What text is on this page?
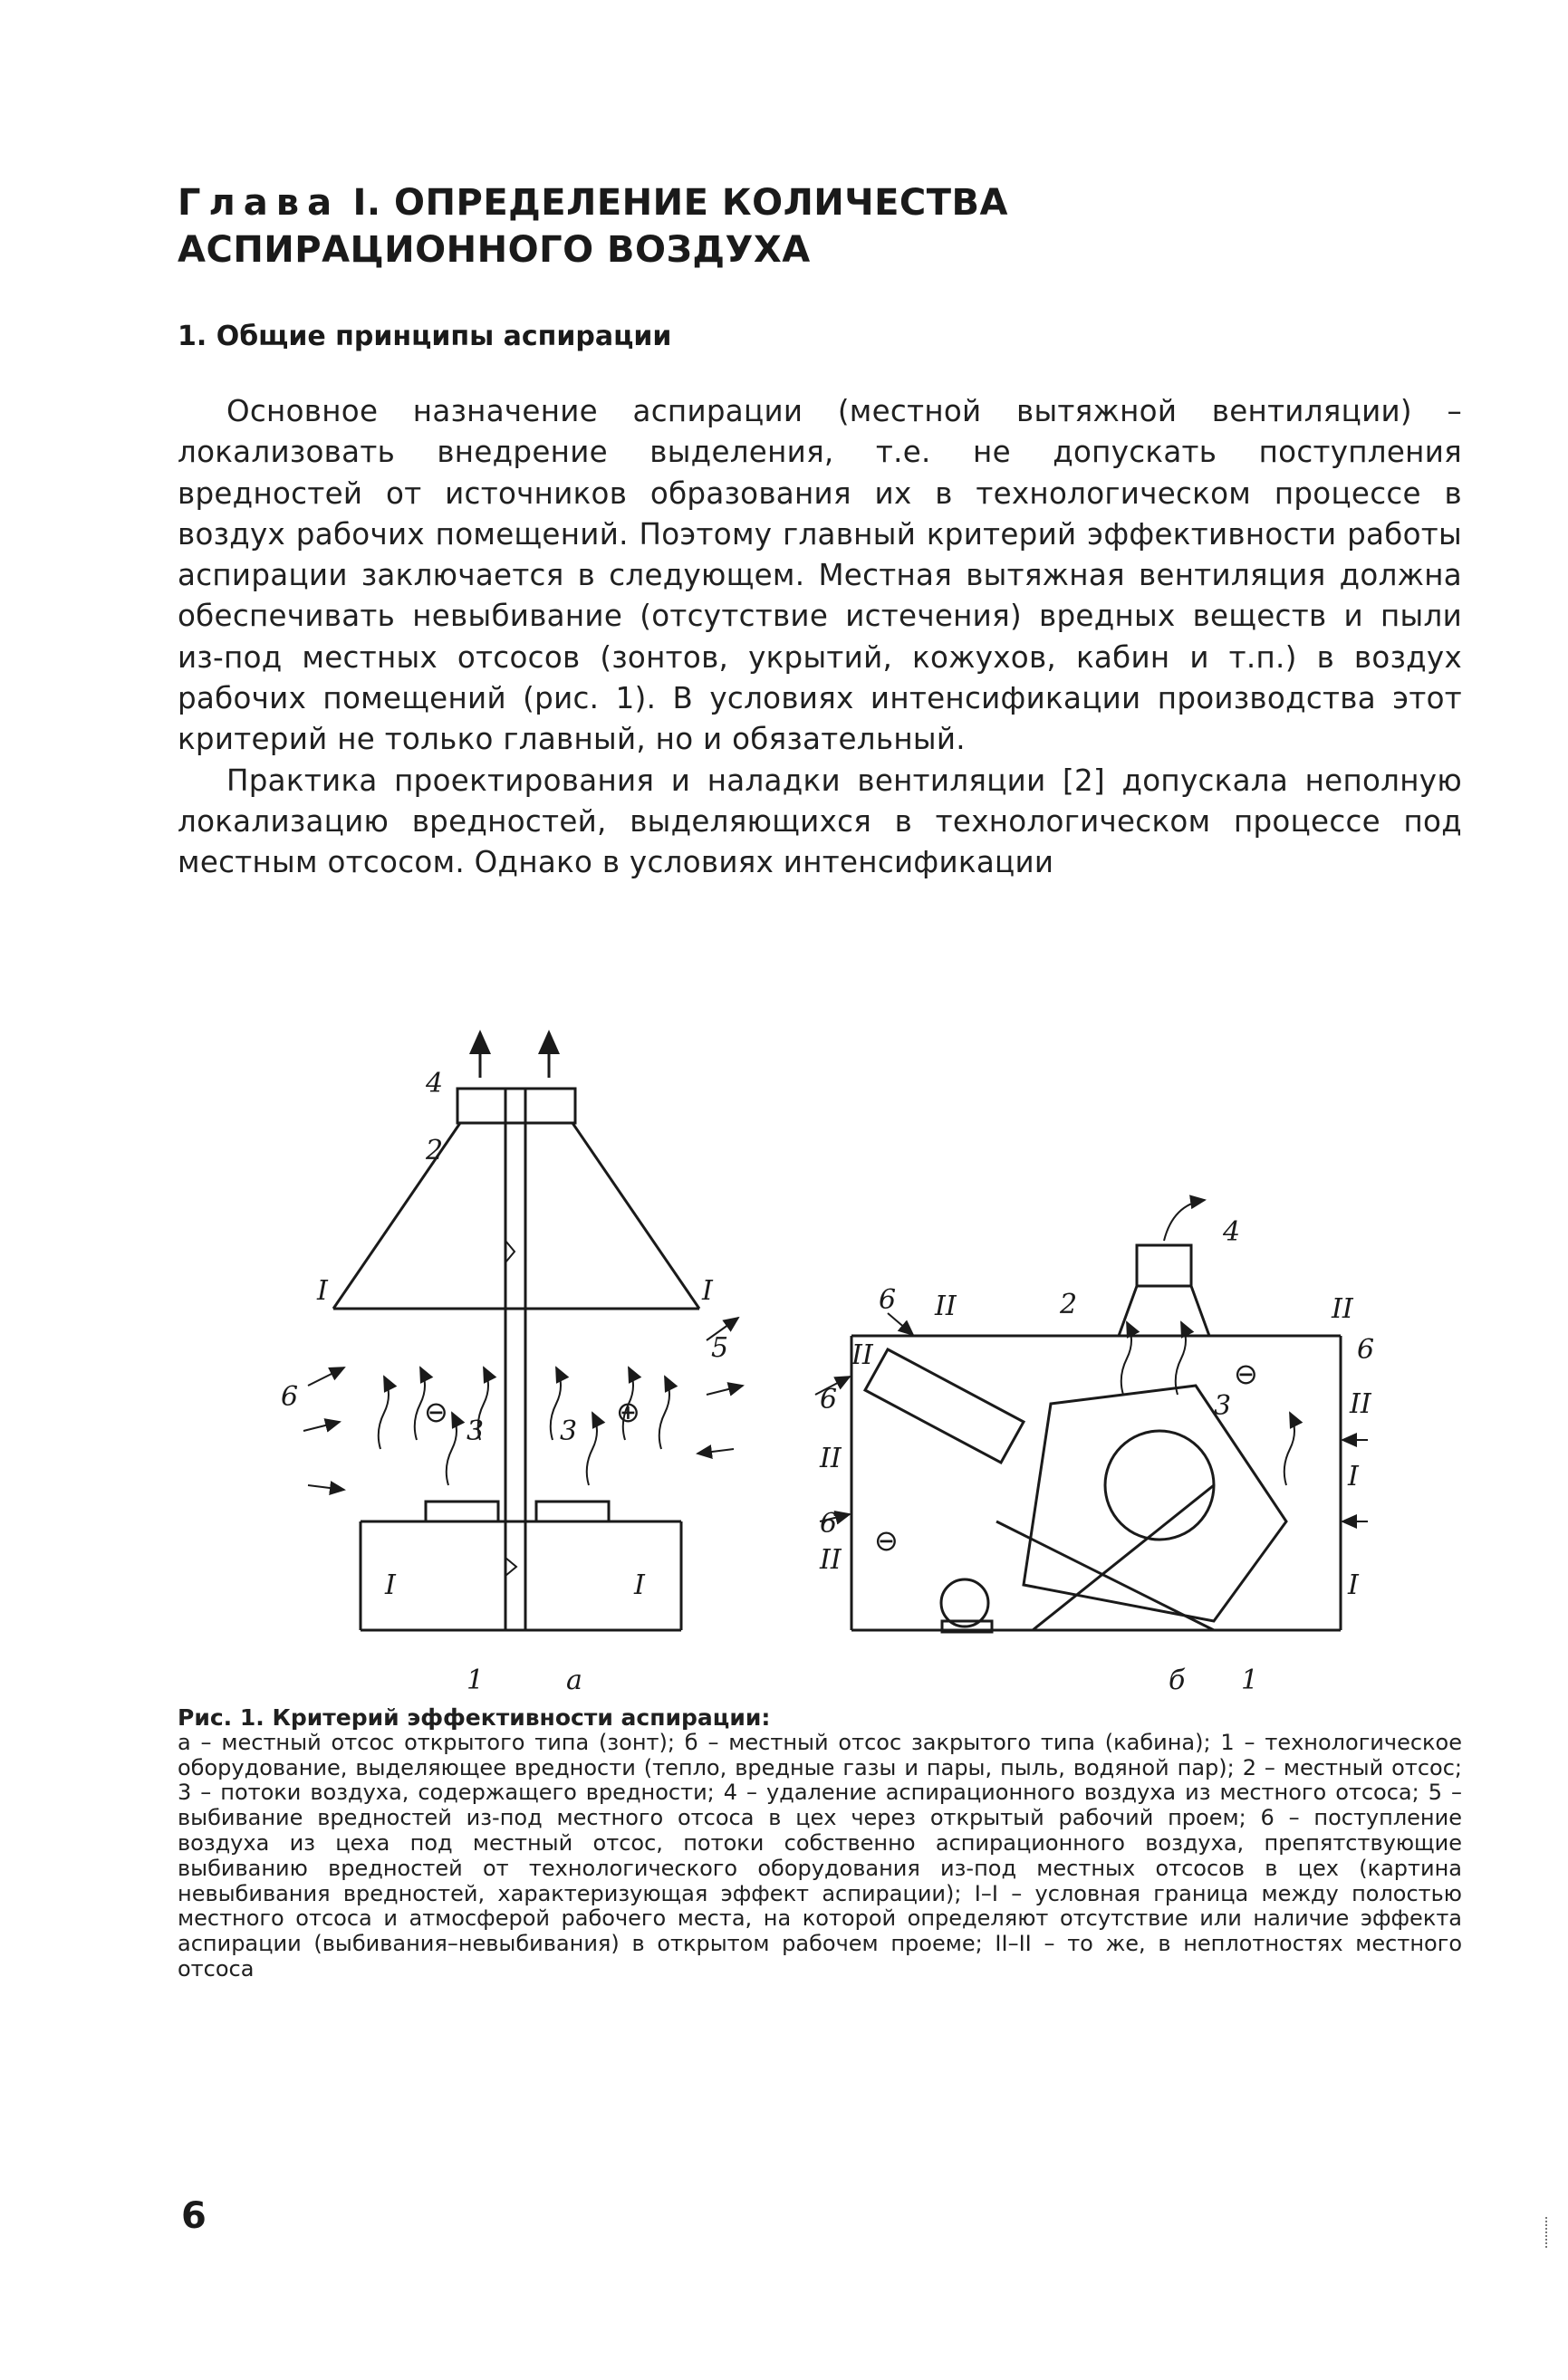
Глава I. ОПРЕДЕЛЕНИЕ КОЛИЧЕСТВА
АСПИРАЦИОННОГО ВОЗДУХА
1. Общие принципы аспирации

Основное назначение аспирации (местной вытяжной вентиляции) – локализовать внедрение выделения, т.е. не допускать поступления вредностей от источников образования их в технологическом процессе в воздух рабочих помещений. Поэтому главный критерий эффективности работы аспирации заключается в следующем. Местная вытяжная вентиляция должна обеспечивать невыбивание (отсутствие истечения) вредных веществ и пыли из-под местных отсосов (зонтов, укрытий, кожухов, кабин и т.п.) в воздух рабочих помещений (рис. 1). В условиях интенсификации производства этот критерий не только главный, но и обязательный.

Практика проектирования и наладки вентиляции [2] допускала неполную локализацию вредностей, выделяющихся в технологическом процессе под местным отсосом. Однако в условиях интенсификации

4
2
I	I
5
6	⊖	⊕
3	3
I	I
1	а
4
2
6 II
II
6
II
6
II
⊖
⊖
3
II
6
II
I
I
б 1
Рис. 1. Критерий эффективности аспирации:
а – местный отсос открытого типа (зонт); б – местный отсос закрытого типа (кабина); 1 – технологическое оборудование, выделяющее вредности (тепло, вредные газы и пары, пыль, водяной пар); 2 – местный отсос; 3 – потоки воздуха, содержащего вредности; 4 – удаление аспирационного воздуха из местного отсоса; 5 – выбивание вредностей из-под местного отсоса в цех через открытый рабочий проем; 6 – поступление воздуха из цеха под местный отсос, потоки собственно аспирационного воздуха, препятствующие выбиванию вредностей от технологического оборудования из-под местных отсосов в цех (картина невыбивания вредностей, характеризующая эффект аспирации); I–I – условная граница между полостью местного отсоса и атмосферой рабочего места, на которой определяют отсутствие или наличие эффекта аспирации (выбивания–невыбивания) в открытом рабочем проеме; II–II – то же, в неплотностях местного отсоса
6
